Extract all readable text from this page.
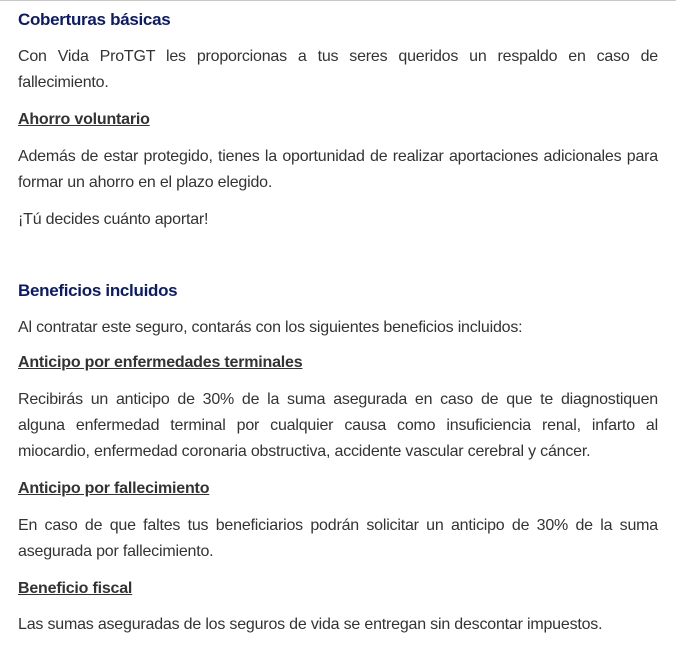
Coberturas básicas

Con Vida ProTGT les proporcionas a tus seres queridos un respaldo en caso de fallecimiento.

Ahorro voluntario

Además de estar protegido, tienes la oportunidad de realizar aportaciones adicionales para formar un ahorro en el plazo elegido.

¡Tú decides cuánto aportar!

Beneficios incluidos

Al contratar este seguro, contarás con los siguientes beneficios incluidos:

Anticipo por enfermedades terminales

Recibirás un anticipo de 30% de la suma asegurada en caso de que te diagnostiquen alguna enfermedad terminal por cualquier causa como insuficiencia renal, infarto al miocardio, enfermedad coronaria obstructiva, accidente vascular cerebral y cáncer.

Anticipo por fallecimiento

En caso de que faltes tus beneficiarios podrán solicitar un anticipo de 30% de la suma asegurada por fallecimiento.

Beneficio fiscal

Las sumas aseguradas de los seguros de vida se entregan sin descontar impuestos.
